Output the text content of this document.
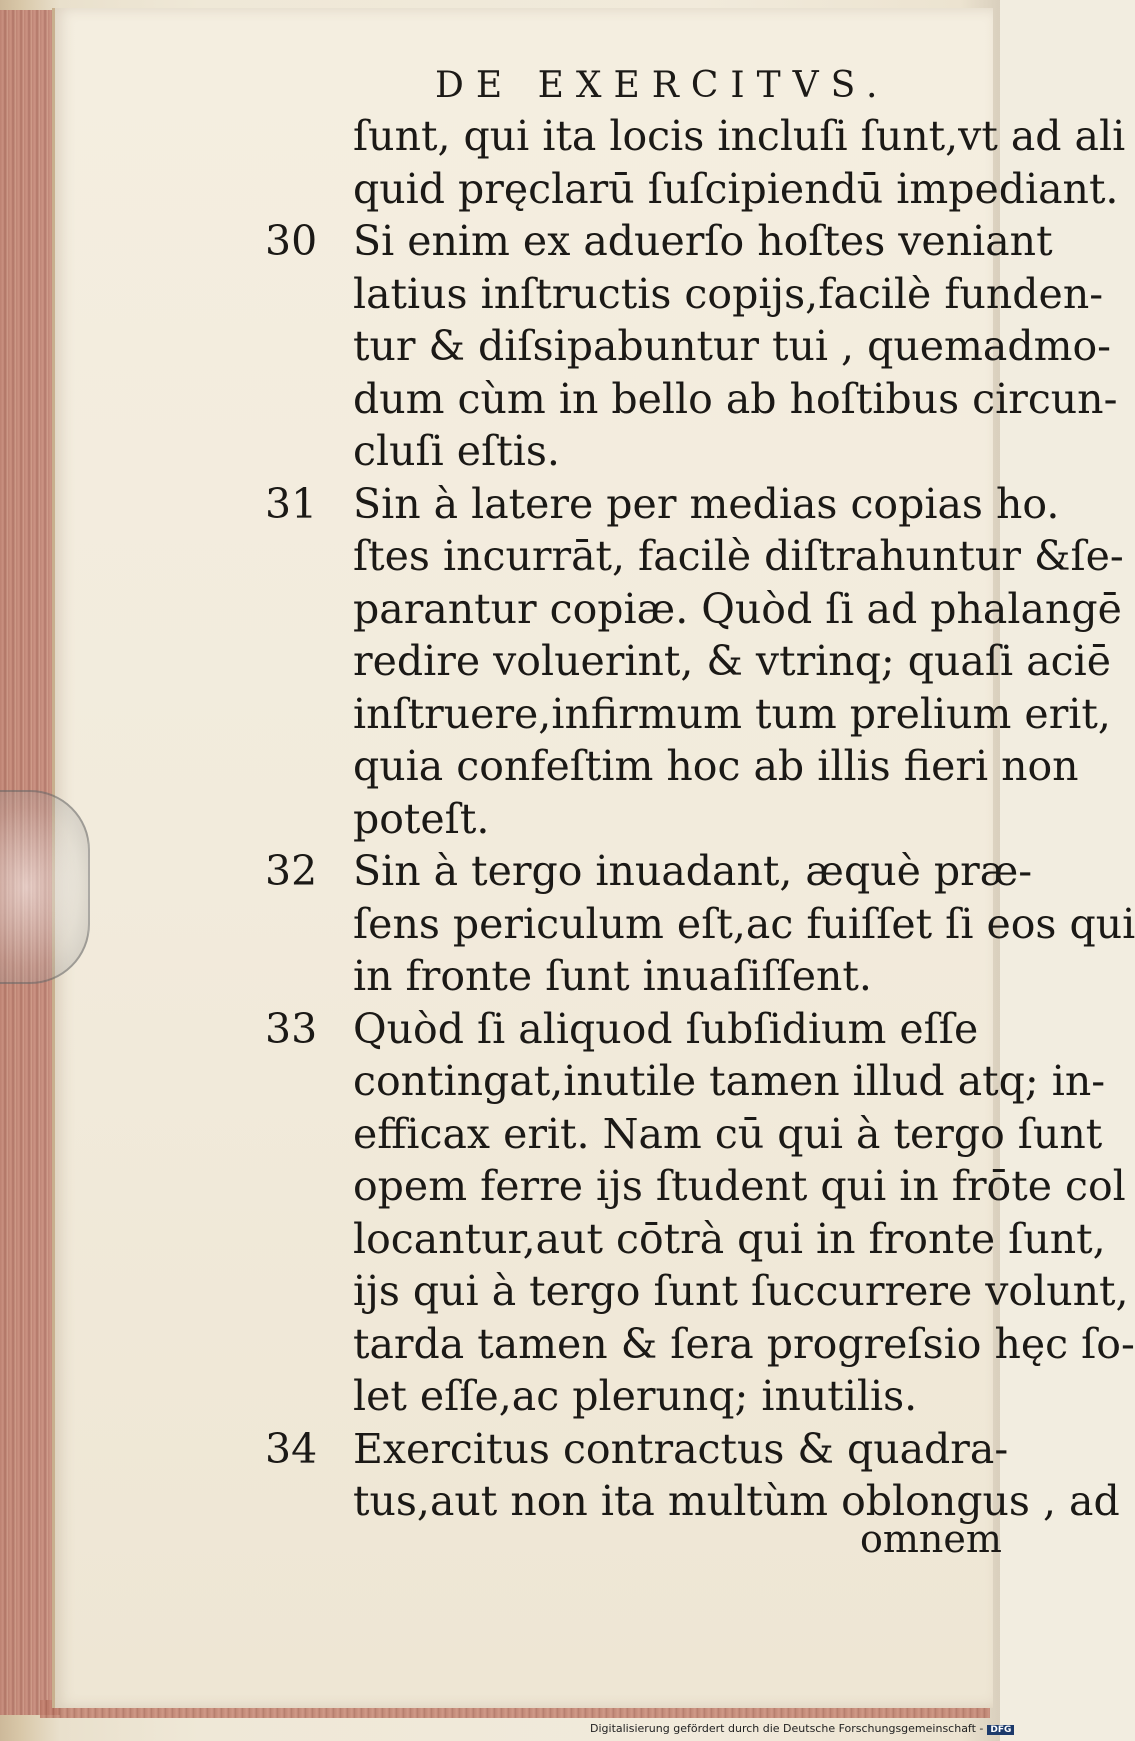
DE EXERCITVS.
ſunt, qui ita locis incluſi ſunt,vt ad ali
quid pręclarū ſuſcipiendū impediant.
30 Si enim ex aduerſo hoſtes veniant
latius inſtructis copijs,facilè funden-
tur & diſsipabuntur tui , quemadmo-
dum cùm in bello ab hoſtibus circun-
cluſi eſtis.
31 Sin à latere per medias copias ho.
ſtes incurrāt, facilè diſtrahuntur &ſe-
parantur copiæ. Quòd ſi ad phalangē
redire voluerint, & vtrinq; quaſi aciē
inſtruere,infirmum tum prelium erit,
quia confeſtim hoc ab illis fieri non
poteſt.
32 Sin à tergo inuadant, æquè præ-
ſens periculum eſt,ac fuiſſet ſi eos qui
in fronte ſunt inuaſiſſent.
33 Quòd ſi aliquod ſubſidium eſſe
contingat,inutile tamen illud atq; in-
efficax erit. Nam cū qui à tergo ſunt
opem ferre ijs ſtudent qui in frōte col
locantur,aut cōtrà qui in fronte ſunt,
ijs qui à tergo ſunt ſuccurrere volunt,
tarda tamen & ſera progreſsio hęc ſo-
let eſſe,ac plerunq; inutilis.
34 Exercitus contractus & quadra-
tus,aut non ita multùm oblongus , ad
omnem
Digitalisierung gefördert durch die Deutsche Forschungsgemeinschaft - DFG
